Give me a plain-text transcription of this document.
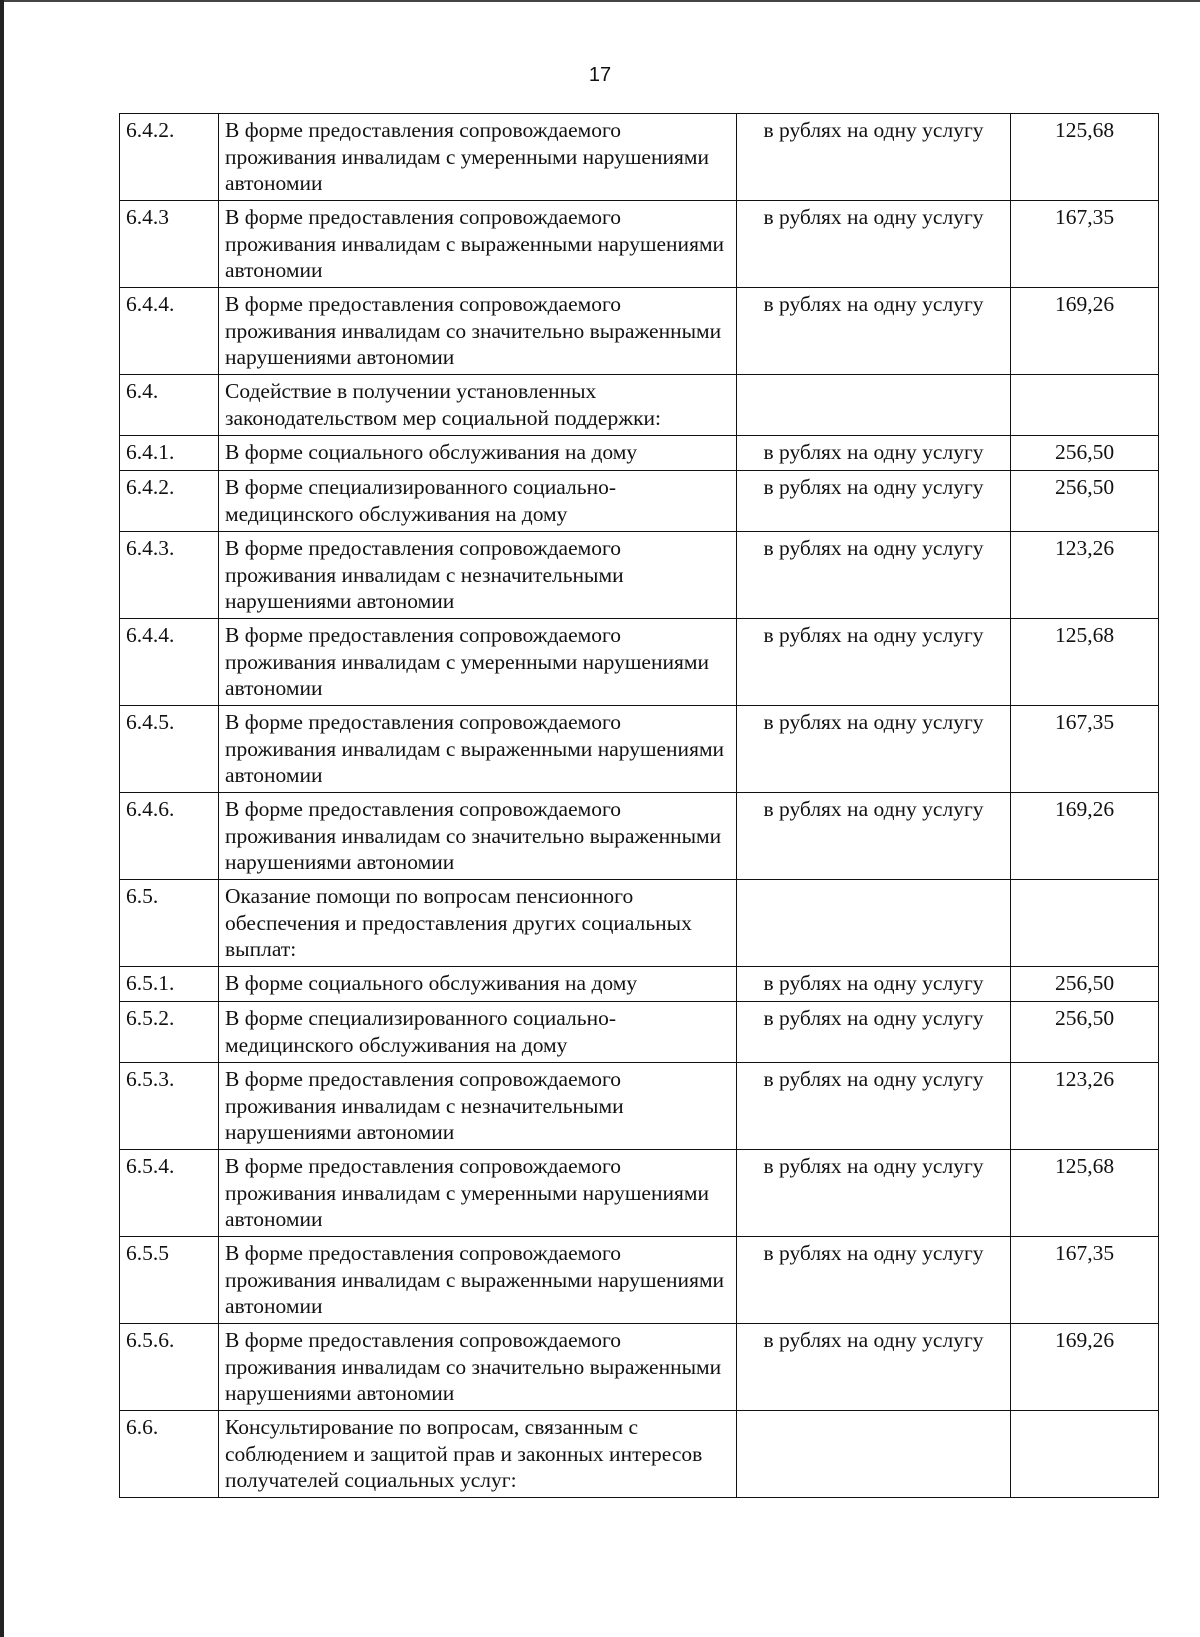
17
6.4.2.	В форме предоставления сопровождаемого проживания инвалидам с умеренными нарушениями автономии	в рублях на одну услугу	125,68
6.4.3	В форме предоставления сопровождаемого проживания инвалидам с выраженными нарушениями автономии	в рублях на одну услугу	167,35
6.4.4.	В форме предоставления сопровождаемого проживания инвалидам со значительно выраженными нарушениями автономии	в рублях на одну услугу	169,26
6.4.	Содействие в получении установленных законодательством мер социальной поддержки:		
6.4.1.	В форме социального обслуживания на дому	в рублях на одну услугу	256,50
6.4.2.	В форме специализированного социально-медицинского обслуживания на дому	в рублях на одну услугу	256,50
6.4.3.	В форме предоставления сопровождаемого проживания инвалидам с незначительными нарушениями автономии	в рублях на одну услугу	123,26
6.4.4.	В форме предоставления сопровождаемого проживания инвалидам с умеренными нарушениями автономии	в рублях на одну услугу	125,68
6.4.5.	В форме предоставления сопровождаемого проживания инвалидам с выраженными нарушениями автономии	в рублях на одну услугу	167,35
6.4.6.	В форме предоставления сопровождаемого проживания инвалидам со значительно выраженными нарушениями автономии	в рублях на одну услугу	169,26
6.5.	Оказание помощи по вопросам пенсионного обеспечения и предоставления других социальных выплат:		
6.5.1.	В форме социального обслуживания на дому	в рублях на одну услугу	256,50
6.5.2.	В форме специализированного социально-медицинского обслуживания на дому	в рублях на одну услугу	256,50
6.5.3.	В форме предоставления сопровождаемого проживания инвалидам с незначительными нарушениями автономии	в рублях на одну услугу	123,26
6.5.4.	В форме предоставления сопровождаемого проживания инвалидам с умеренными нарушениями автономии	в рублях на одну услугу	125,68
6.5.5	В форме предоставления сопровождаемого проживания инвалидам с выраженными нарушениями автономии	в рублях на одну услугу	167,35
6.5.6.	В форме предоставления сопровождаемого проживания инвалидам со значительно выраженными нарушениями автономии	в рублях на одну услугу	169,26
6.6.	Консультирование по вопросам, связанным с соблюдением и защитой прав и законных интересов получателей социальных услуг:		
